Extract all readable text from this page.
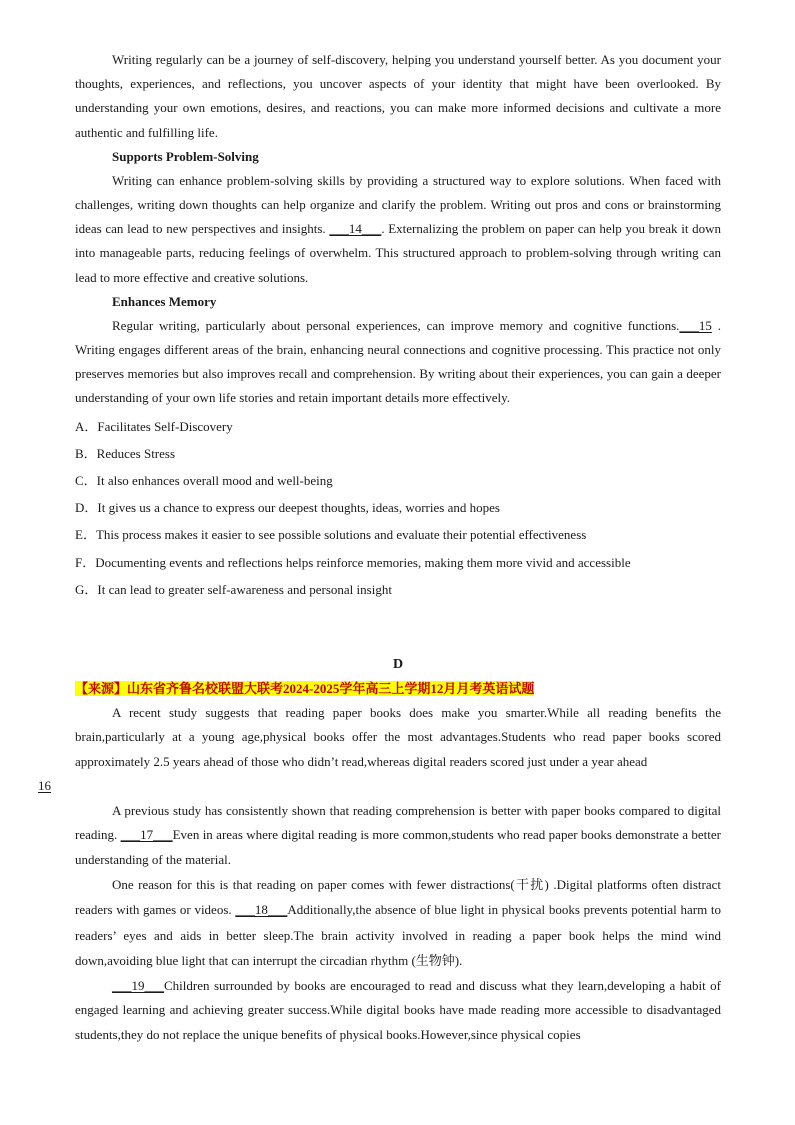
Writing regularly can be a journey of self-discovery, helping you understand yourself better. As you document your thoughts, experiences, and reflections, you uncover aspects of your identity that might have been overlooked. By understanding your own emotions, desires, and reactions, you can make more informed decisions and cultivate a more authentic and fulfilling life.

Supports Problem-Solving

Writing can enhance problem-solving skills by providing a structured way to explore solutions. When faced with challenges, writing down thoughts can help organize and clarify the problem. Writing out pros and cons or brainstorming ideas can lead to new perspectives and insights. ___14___. Externalizing the problem on paper can help you break it down into manageable parts, reducing feelings of overwhelm. This structured approach to problem-solving through writing can lead to more effective and creative solutions.

Enhances Memory

Regular writing, particularly about personal experiences, can improve memory and cognitive functions.___15 . Writing engages different areas of the brain, enhancing neural connections and cognitive processing. This practice not only preserves memories but also improves recall and comprehension. By writing about their experiences, you can gain a deeper understanding of your own life stories and retain important details more effectively.

A．Facilitates Self-Discovery

B．Reduces Stress

C．It also enhances overall mood and well-being

D．It gives us a chance to express our deepest thoughts, ideas, worries and hopes

E．This process makes it easier to see possible solutions and evaluate their potential effectiveness

F．Documenting events and reflections helps reinforce memories, making them more vivid and accessible

G．It can lead to greater self-awareness and personal insight

D

【来源】山东省齐鲁名校联盟大联考2024-2025学年高三上学期12月月考英语试题

A recent study suggests that reading paper books does make you smarter.While all reading benefits the brain,particularly at a young age,physical books offer the most advantages.Students who read paper books scored approximately 2.5 years ahead of those who didn’t read,whereas digital readers scored just under a year ahead
16

A previous study has consistently shown that reading comprehension is better with paper books compared to digital reading. ___17___Even in areas where digital reading is more common,students who read paper books demonstrate a better understanding of the material.

One reason for this is that reading on paper comes with fewer distractions(干扰) .Digital platforms often distract readers with games or videos. ___18___Additionally,the absence of blue light in physical books prevents potential harm to readers’ eyes and aids in better sleep.The brain activity involved in reading a paper book helps the mind wind down,avoiding blue light that can interrupt the circadian rhythm (生物钟).

___19___Children surrounded by books are encouraged to read and discuss what they learn,developing a habit of engaged learning and achieving greater success.While digital books have made reading more accessible to disadvantaged students,they do not replace the unique benefits of physical books.However,since physical copies
